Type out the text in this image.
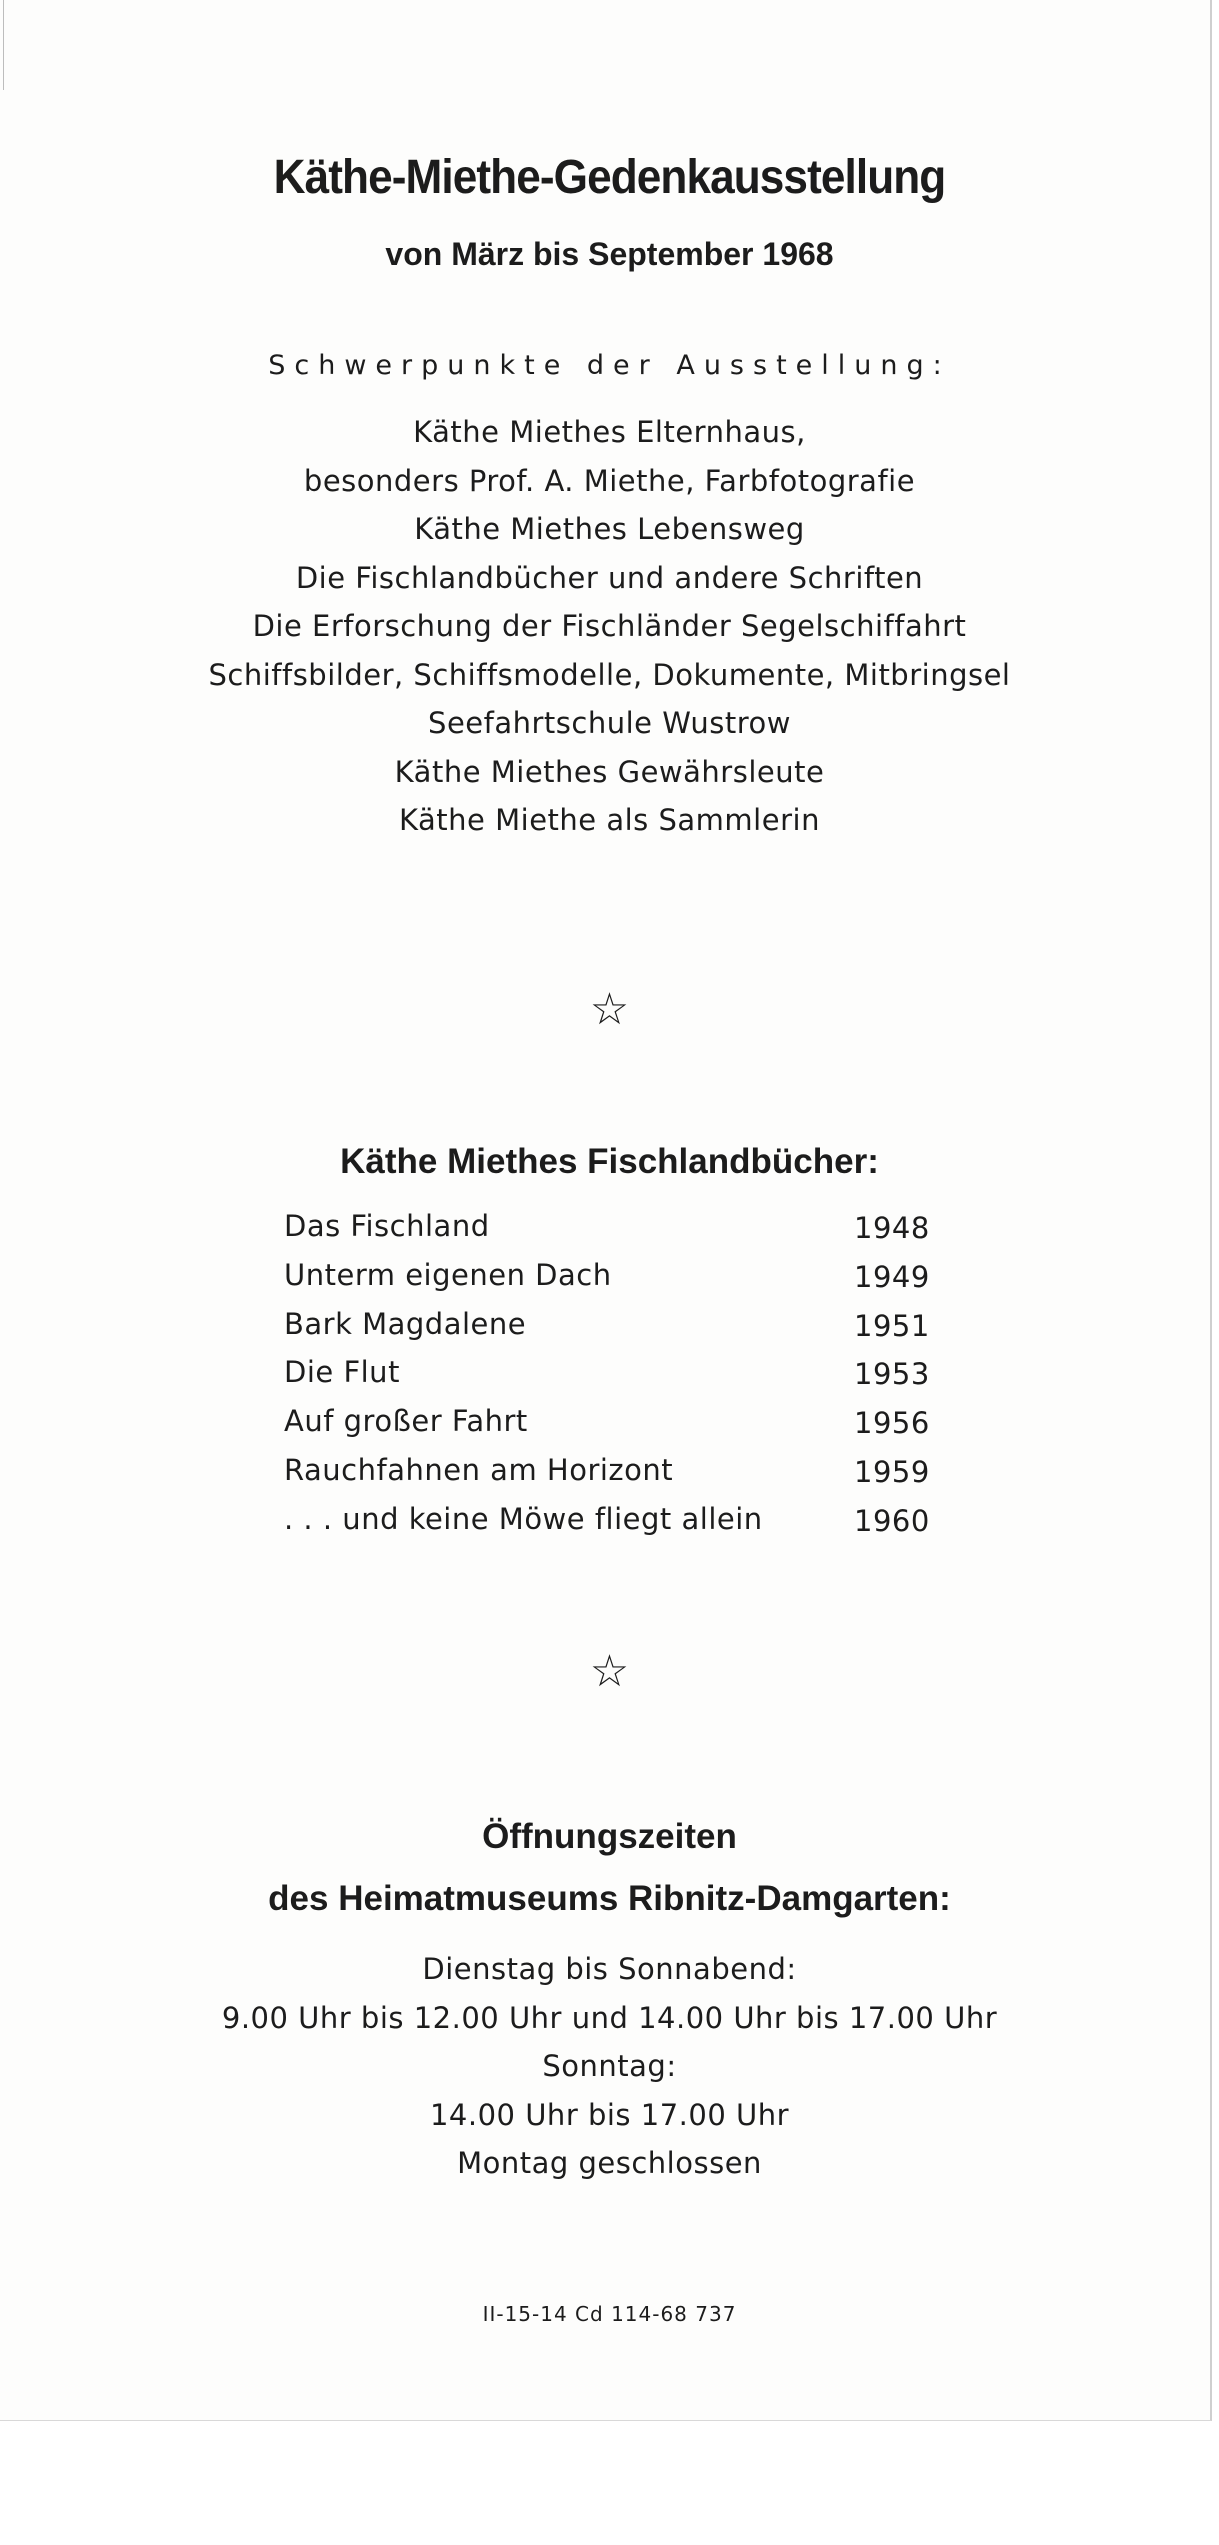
Käthe-Miethe-Gedenkausstellung
von März bis September 1968
Schwerpunkte der Ausstellung:
Käthe Miethes Elternhaus,
besonders Prof. A. Miethe, Farbfotografie
Käthe Miethes Lebensweg
Die Fischlandbücher und andere Schriften
Die Erforschung der Fischländer Segelschiffahrt
Schiffsbilder, Schiffsmodelle, Dokumente, Mitbringsel
Seefahrtschule Wustrow
Käthe Miethes Gewährsleute
Käthe Miethe als Sammlerin
☆
Käthe Miethes Fischlandbücher:
Das Fischland	1948
Unterm eigenen Dach	1949
Bark Magdalene	1951
Die Flut	1953
Auf großer Fahrt	1956
Rauchfahnen am Horizont	1959
. . . und keine Möwe fliegt allein	1960
☆
Öffnungszeiten
des Heimatmuseums Ribnitz-Damgarten:
Dienstag bis Sonnabend:
9.00 Uhr bis 12.00 Uhr und 14.00 Uhr bis 17.00 Uhr
Sonntag:
14.00 Uhr bis 17.00 Uhr
Montag geschlossen
II-15-14 Cd 114-68 737
